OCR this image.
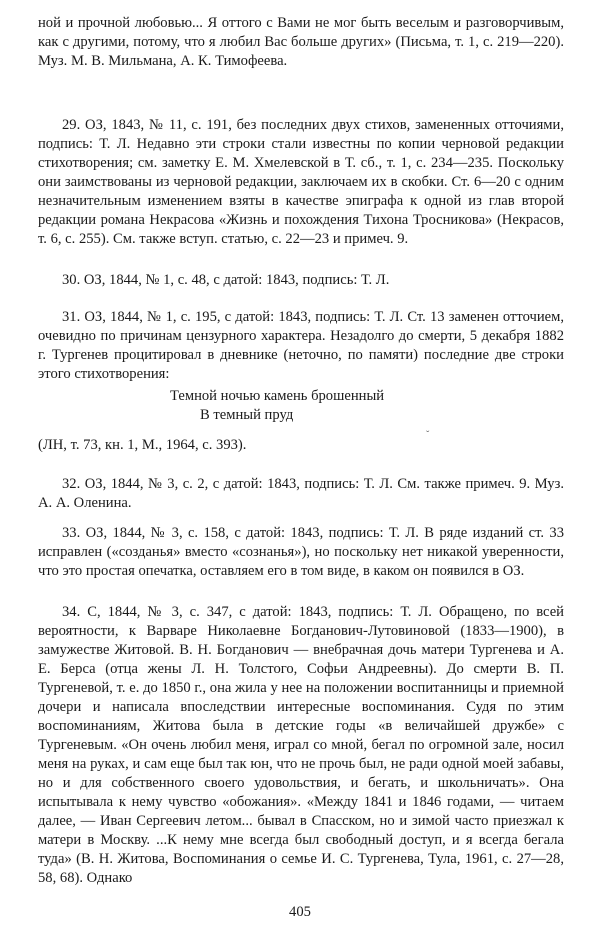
ной и прочной любовью... Я оттого с Вами не мог быть веселым и разговорчивым, как с другими, потому, что я любил Вас больше других» (Письма, т. 1, с. 219—220). Муз. М. В. Мильмана, А. К. Тимофеева.

29. ОЗ, 1843, № 11, с. 191, без последних двух стихов, замененных отточиями, подпись: Т. Л. Недавно эти строки стали известны по копии черновой редакции стихотворения; см. заметку Е. М. Хмелевской в Т. сб., т. 1, с. 234—235. Поскольку они заимствованы из черновой редакции, заключаем их в скобки. Ст. 6—20 с одним незначительным изменением взяты в качестве эпиграфа к одной из глав второй редакции романа Некрасова «Жизнь и похождения Тихона Тросникова» (Некрасов, т. 6, с. 255). См. также вступ. статью, с. 22—23 и примеч. 9.

30. ОЗ, 1844, № 1, с. 48, с датой: 1843, подпись: Т. Л.

31. ОЗ, 1844, № 1, с. 195, с датой: 1843, подпись: Т. Л. Ст. 13 заменен отточием, очевидно по причинам цензурного характера. Незадолго до смерти, 5 декабря 1882 г. Тургенев процитировал в дневнике (неточно, по памяти) последние две строки этого стихотворения:

Темной ночью камень брошенный
В темный пруд
ˇ

(ЛН, т. 73, кн. 1, М., 1964, с. 393).

32. ОЗ, 1844, № 3, с. 2, с датой: 1843, подпись: Т. Л. См. также примеч. 9. Муз. А. А. Оленина.

33. ОЗ, 1844, № 3, с. 158, с датой: 1843, подпись: Т. Л. В ряде изданий ст. 33 исправлен («созданья» вместо «сознанья»), но поскольку нет никакой уверенности, что это простая опечатка, оставляем его в том виде, в каком он появился в ОЗ.

34. С, 1844, № 3, с. 347, с датой: 1843, подпись: Т. Л. Обращено, по всей вероятности, к Варваре Николаевне Богданович-Лутовиновой (1833—1900), в замужестве Житовой. В. Н. Богданович — внебрачная дочь матери Тургенева и А. Е. Берса (отца жены Л. Н. Толстого, Софьи Андреевны). До смерти В. П. Тургеневой, т. е. до 1850 г., она жила у нее на положении воспитанницы и приемной дочери и написала впоследствии интересные воспоминания. Судя по этим воспоминаниям, Житова была в детские годы «в величайшей дружбе» с Тургеневым. «Он очень любил меня, играл со мной, бегал по огромной зале, носил меня на руках, и сам еще был так юн, что не прочь был, не ради одной моей забавы, но и для собственного своего удовольствия, и бегать, и школьничать». Она испытывала к нему чувство «обожания». «Между 1841 и 1846 годами, — читаем далее, — Иван Сергеевич летом... бывал в Спасском, но и зимой часто приезжал к матери в Москву. ...К нему мне всегда был свободный доступ, и я всегда бегала туда» (В. Н. Житова, Воспоминания о семье И. С. Тургенева, Тула, 1961, с. 27—28, 58, 68). Однако

405
